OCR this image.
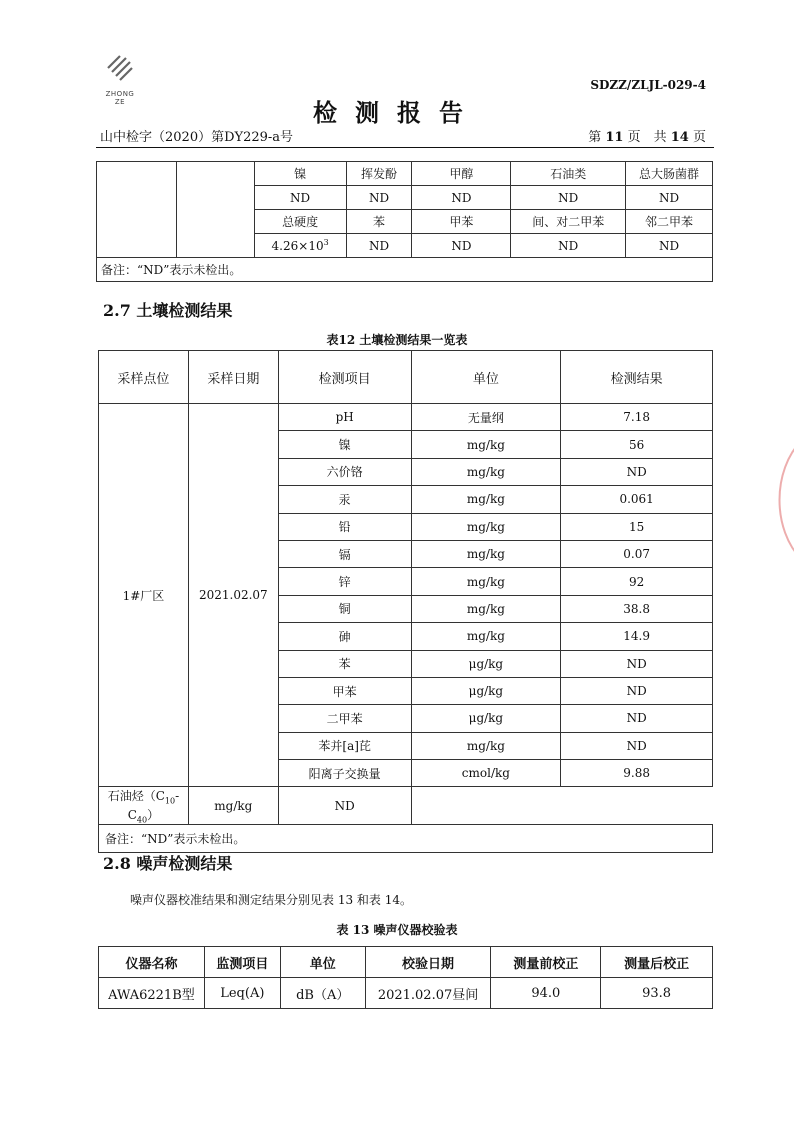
ZHONG ZE
SDZZ/ZLJL-029-4
检测报告
山中检字（2020）第DY229-a号	第 11 页　共 14 页
		镍	挥发酚	甲醇	石油类	总大肠菌群
		ND	ND	ND	ND	ND
		总硬度	苯	甲苯	间、对二甲苯	邻二甲苯
		$4.26\times 10^3$	ND	ND	ND	ND
备注：“ND”表示未检出。						
2.7 土壤检测结果
表12 土壤检测结果一览表
采样点位	采样日期	检测项目	单位	检测结果
1#厂区	2021.02.07	pH	无量纲	7.18
		镍	mg/kg	56
		六价铬	mg/kg	ND
		汞	mg/kg	0.061
		铅	mg/kg	15
		镉	mg/kg	0.07
		锌	mg/kg	92
		铜	mg/kg	38.8
		砷	mg/kg	14.9
		苯	μg/kg	ND
		甲苯	μg/kg	ND
		二甲苯	μg/kg	ND
		苯并[a]芘	mg/kg	ND
		阳离子交换量	cmol/kg	9.88
石油烃$(C_{10}-C_{40})$	mg/kg	ND		
备注：“ND”表示未检出。				
2.8 噪声检测结果
噪声仪器校准结果和测定结果分别见表 13 和表 14。
表 13 噪声仪器校验表
仪器名称	监测项目	单位	校验日期	测量前校正	测量后校正
AWA6221B型	Leq(A)	dB（A）	2021.02.07昼间	94.0	93.8
